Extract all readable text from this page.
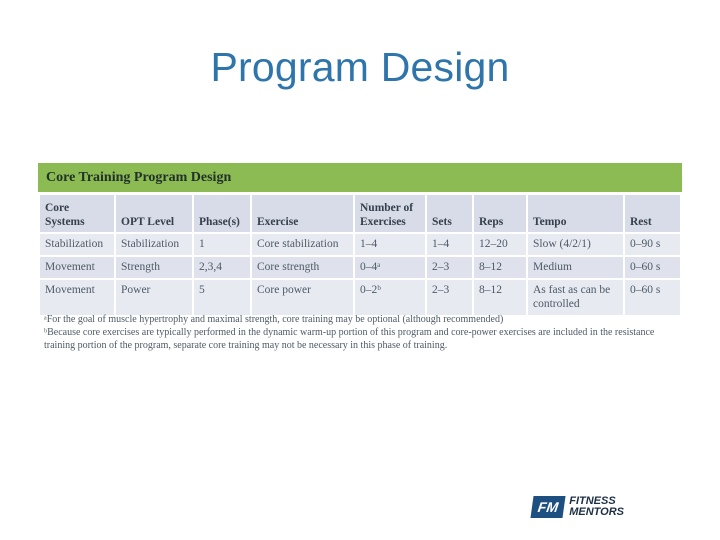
Program Design
Core Training Program Design
Core Systems	OPT Level	Phase(s)	Exercise	Number of Exercises	Sets	Reps	Tempo	Rest
Stabilization	Stabilization	1	Core stabilization	1–4	1–4	12–20	Slow (4/2/1)	0–90 s
Movement	Strength	2,3,4	Core strength	0–4ᵃ	2–3	8–12	Medium	0–60 s
Movement	Power	5	Core power	0–2ᵇ	2–3	8–12	As fast as can be controlled	0–60 s
ᵃFor the goal of muscle hypertrophy and maximal strength, core training may be optional (although recommended)
ᵇBecause core exercises are typically performed in the dynamic warm-up portion of this program and core-power exercises are included in the resistance training portion of the program, separate core training may not be necessary in this phase of training.
FM FITNESS
MENTORS
